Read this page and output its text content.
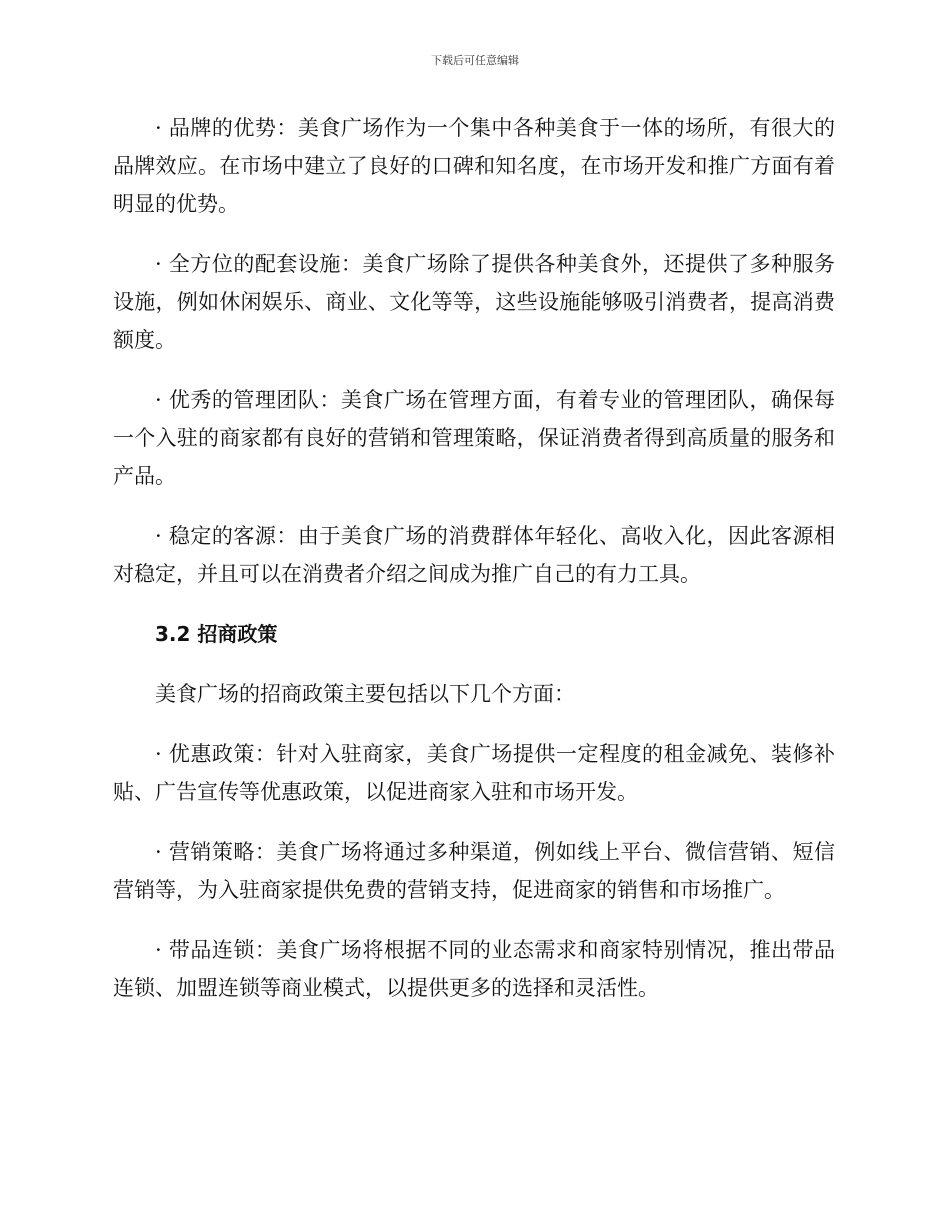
下载后可任意编辑

· 品牌的优势：美食广场作为一个集中各种美食于一体的场所，有很大的品牌效应。在市场中建立了良好的口碑和知名度，在市场开发和推广方面有着明显的优势。

· 全方位的配套设施：美食广场除了提供各种美食外，还提供了多种服务设施，例如休闲娱乐、商业、文化等等，这些设施能够吸引消费者，提高消费额度。

· 优秀的管理团队：美食广场在管理方面，有着专业的管理团队，确保每一个入驻的商家都有良好的营销和管理策略，保证消费者得到高质量的服务和产品。

· 稳定的客源：由于美食广场的消费群体年轻化、高收入化，因此客源相对稳定，并且可以在消费者介绍之间成为推广自己的有力工具。

3.2 招商政策

美食广场的招商政策主要包括以下几个方面：

· 优惠政策：针对入驻商家，美食广场提供一定程度的租金减免、装修补贴、广告宣传等优惠政策，以促进商家入驻和市场开发。

· 营销策略：美食广场将通过多种渠道，例如线上平台、微信营销、短信营销等，为入驻商家提供免费的营销支持，促进商家的销售和市场推广。

· 带品连锁：美食广场将根据不同的业态需求和商家特别情况，推出带品连锁、加盟连锁等商业模式，以提供更多的选择和灵活性。
